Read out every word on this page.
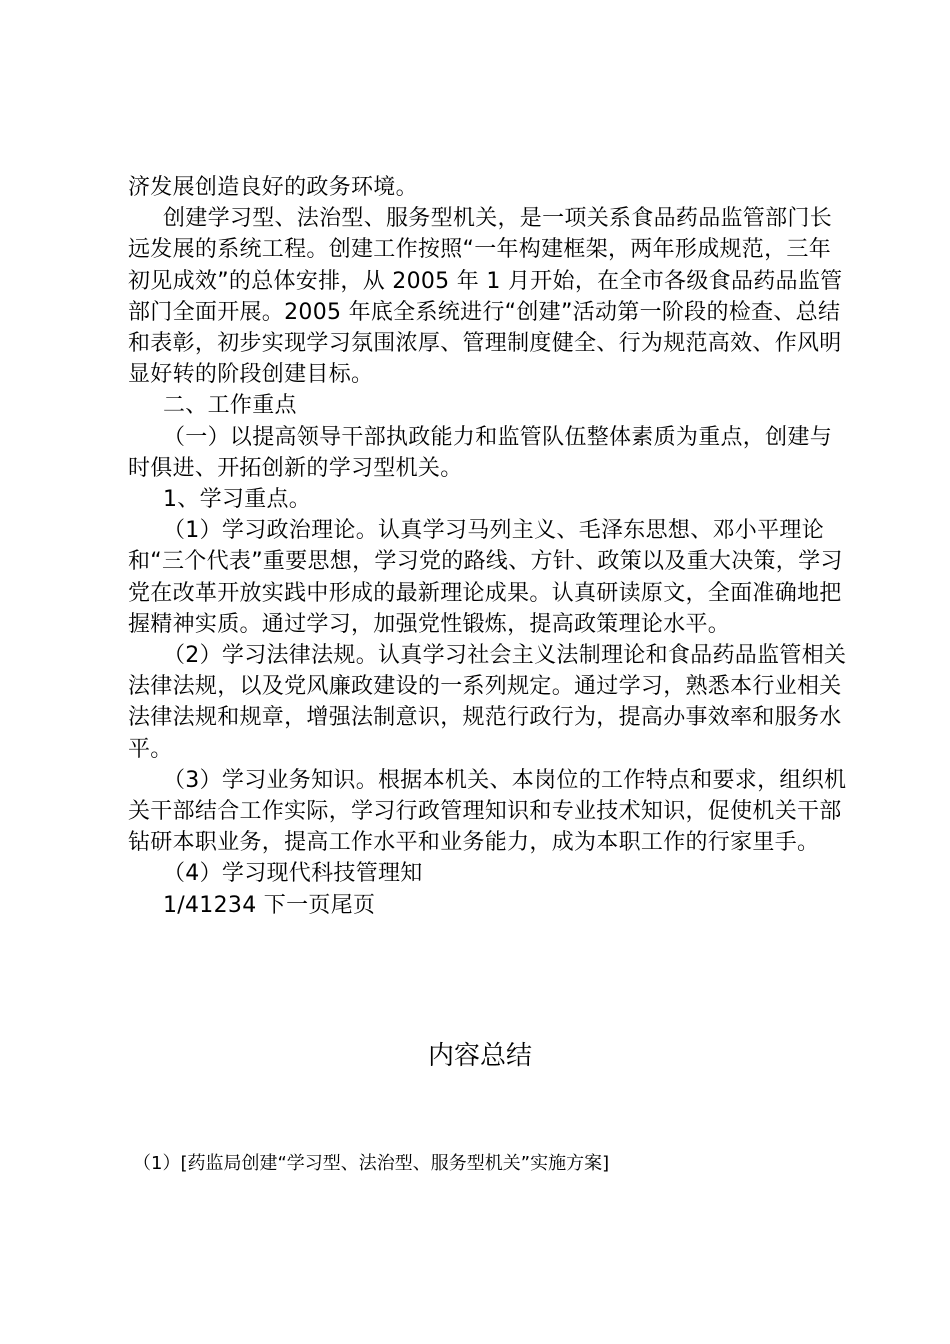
济发展创造良好的政务环境。

创建学习型、法治型、服务型机关，是一项关系食品药品监管部门长远发展的系统工程。创建工作按照“一年构建框架，两年形成规范，三年初见成效”的总体安排，从 2005 年 1 月开始，在全市各级食品药品监管部门全面开展。2005 年底全系统进行“创建”活动第一阶段的检查、总结和表彰，初步实现学习氛围浓厚、管理制度健全、行为规范高效、作风明显好转的阶段创建目标。

二、工作重点

（一）以提高领导干部执政能力和监管队伍整体素质为重点，创建与时俱进、开拓创新的学习型机关。

1、学习重点。

（1）学习政治理论。认真学习马列主义、毛泽东思想、邓小平理论和“三个代表”重要思想，学习党的路线、方针、政策以及重大决策，学习党在改革开放实践中形成的最新理论成果。认真研读原文，全面准确地把握精神实质。通过学习，加强党性锻炼，提高政策理论水平。

（2）学习法律法规。认真学习社会主义法制理论和食品药品监管相关法律法规，以及党风廉政建设的一系列规定。通过学习，熟悉本行业相关法律法规和规章，增强法制意识，规范行政行为，提高办事效率和服务水平。

（3）学习业务知识。根据本机关、本岗位的工作特点和要求，组织机关干部结合工作实际，学习行政管理知识和专业技术知识，促使机关干部钻研本职业务，提高工作水平和业务能力，成为本职工作的行家里手。

（4）学习现代科技管理知

1/41234 下一页尾页

内容总结
（1）[药监局创建“学习型、法治型、服务型机关”实施方案]
